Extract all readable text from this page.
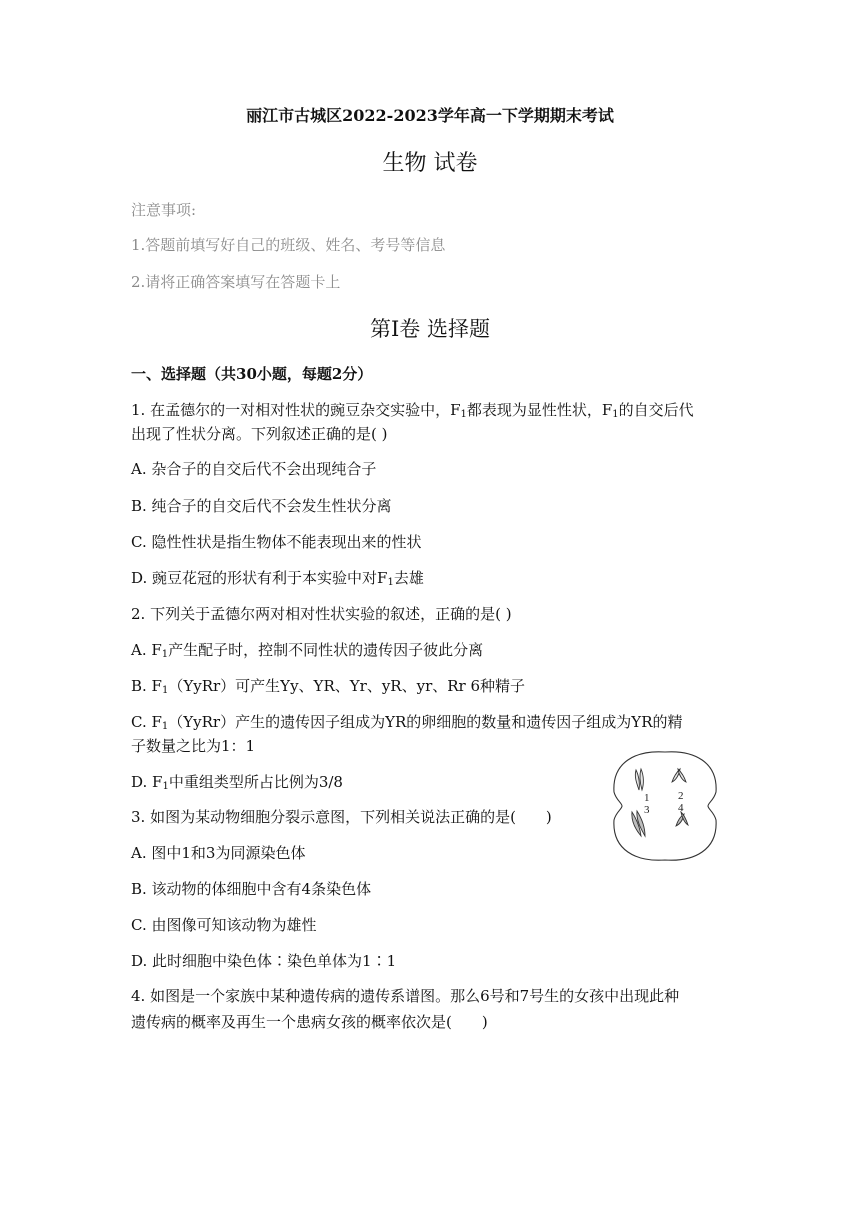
丽江市古城区2022-2023学年高一下学期期末考试
生物 试卷
注意事项:
1.答题前填写好自己的班级、姓名、考号等信息
2.请将正确答案填写在答题卡上
第Ⅰ卷 选择题
一、选择题（共30小题，每题2分）
1. 在孟德尔的一对相对性状的豌豆杂交实验中，$F_1$都表现为显性性状，$F_1$的自交后代
出现了性状分离。下列叙述正确的是( )
A. 杂合子的自交后代不会出现纯合子
B. 纯合子的自交后代不会发生性状分离
C. 隐性性状是指生物体不能表现出来的性状
D. 豌豆花冠的形状有利于本实验中对$F_1$去雄
2. 下列关于孟德尔两对相对性状实验的叙述，正确的是( )
A. $F_1$产生配子时，控制不同性状的遗传因子彼此分离
B. $F_1(YyRr)$可产生Yy、YR、Yr、yR、yr、Rr 6种精子
C. $F_1(YyRr)$产生的遗传因子组成为YR的卵细胞的数量和遗传因子组成为YR的精
子数量之比为1：1
D. $F_1$中重组类型所占比例为3/8
3. 如图为某动物细胞分裂示意图，下列相关说法正确的是(　　)
A. 图中1和3为同源染色体
B. 该动物的体细胞中含有4条染色体
C. 由图像可知该动物为雄性
D. 此时细胞中染色体∶染色单体为1∶1
1
3
2
4
4. 如图是一个家族中某种遗传病的遗传系谱图。那么6号和7号生的女孩中出现此种
遗传病的概率及再生一个患病女孩的概率依次是(　　)
